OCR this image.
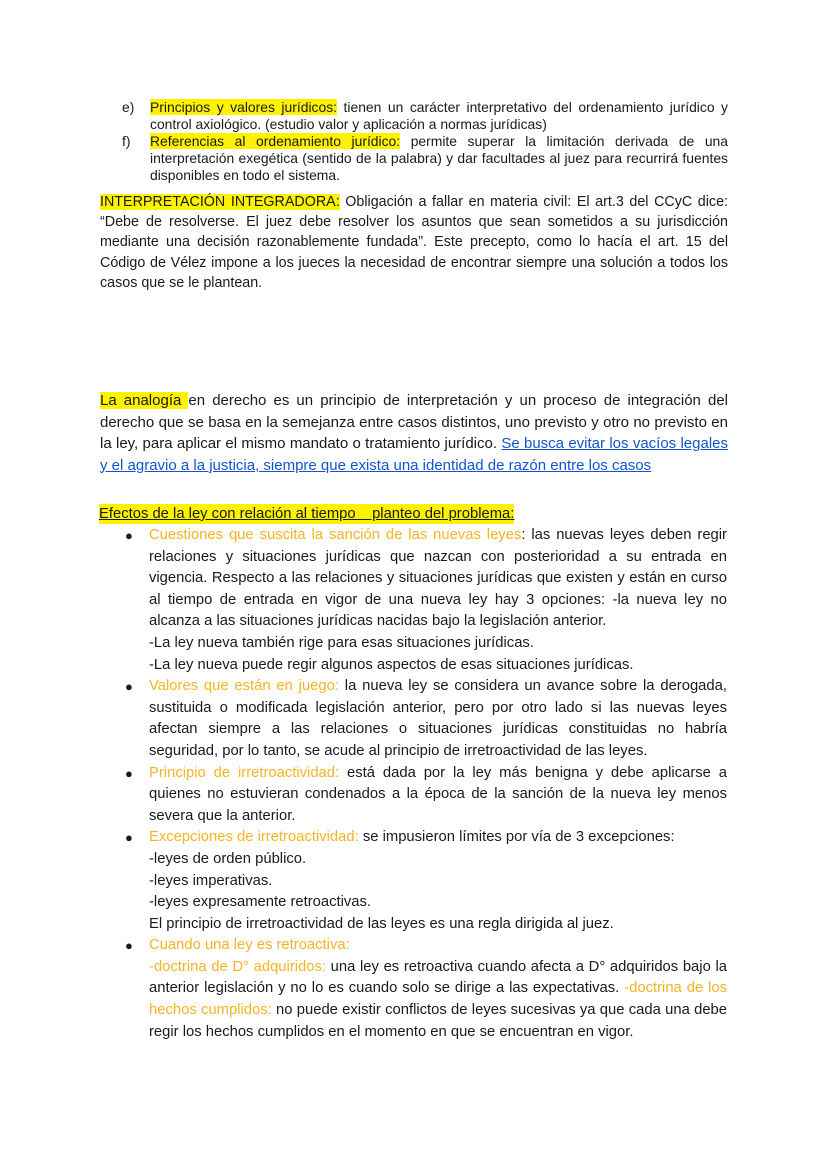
e) Principios y valores jurídicos: tienen un carácter interpretativo del ordenamiento jurídico y control axiológico. (estudio valor y aplicación a normas jurídicas)
f) Referencias al ordenamiento jurídico: permite superar la limitación derivada de una interpretación exegética (sentido de la palabra) y dar facultades al juez para recurrirá fuentes disponibles en todo el sistema.
INTERPRETACIÓN INTEGRADORA: Obligación a fallar en materia civil: El art.3 del CCyC dice: “Debe de resolverse. El juez debe resolver los asuntos que sean sometidos a su jurisdicción mediante una decisión razonablemente fundada”. Este precepto, como lo hacía el art. 15 del Código de Vélez impone a los jueces la necesidad de encontrar siempre una solución a todos los casos que se le plantean.
La analogía en derecho es un principio de interpretación y un proceso de integración del derecho que se basa en la semejanza entre casos distintos, uno previsto y otro no previsto en la ley, para aplicar el mismo mandato o tratamiento jurídico. Se busca evitar los vacíos legales y el agravio a la justicia, siempre que exista una identidad de razón entre los casos
Efectos de la ley con relación al tiempo    planteo del problema:
● Cuestiones que suscita la sanción de las nuevas leyes: las nuevas leyes deben regir relaciones y situaciones jurídicas que nazcan con posterioridad a su entrada en vigencia. Respecto a las relaciones y situaciones jurídicas que existen y están en curso al tiempo de entrada en vigor de una nueva ley hay 3 opciones: -la nueva ley no alcanza a las situaciones jurídicas nacidas bajo la legislación anterior.
-La ley nueva también rige para esas situaciones jurídicas.
-La ley nueva puede regir algunos aspectos de esas situaciones jurídicas.
● Valores que están en juego: la nueva ley se considera un avance sobre la derogada, sustituida o modificada legislación anterior, pero por otro lado si las nuevas leyes afectan siempre a las relaciones o situaciones jurídicas constituidas no habría seguridad, por lo tanto, se acude al principio de irretroactividad de las leyes.
● Principio de irretroactividad: está dada por la ley más benigna y debe aplicarse a quienes no estuvieran condenados a la época de la sanción de la nueva ley menos severa que la anterior.
● Excepciones de irretroactividad: se impusieron límites por vía de 3 excepciones:
-leyes de orden público.
-leyes imperativas.
-leyes expresamente retroactivas.
El principio de irretroactividad de las leyes es una regla dirigida al juez.
● Cuando una ley es retroactiva:
-doctrina de D° adquiridos: una ley es retroactiva cuando afecta a D° adquiridos bajo la anterior legislación y no lo es cuando solo se dirige a las expectativas. -doctrina de los hechos cumplidos: no puede existir conflictos de leyes sucesivas ya que cada una debe regir los hechos cumplidos en el momento en que se encuentran en vigor.
